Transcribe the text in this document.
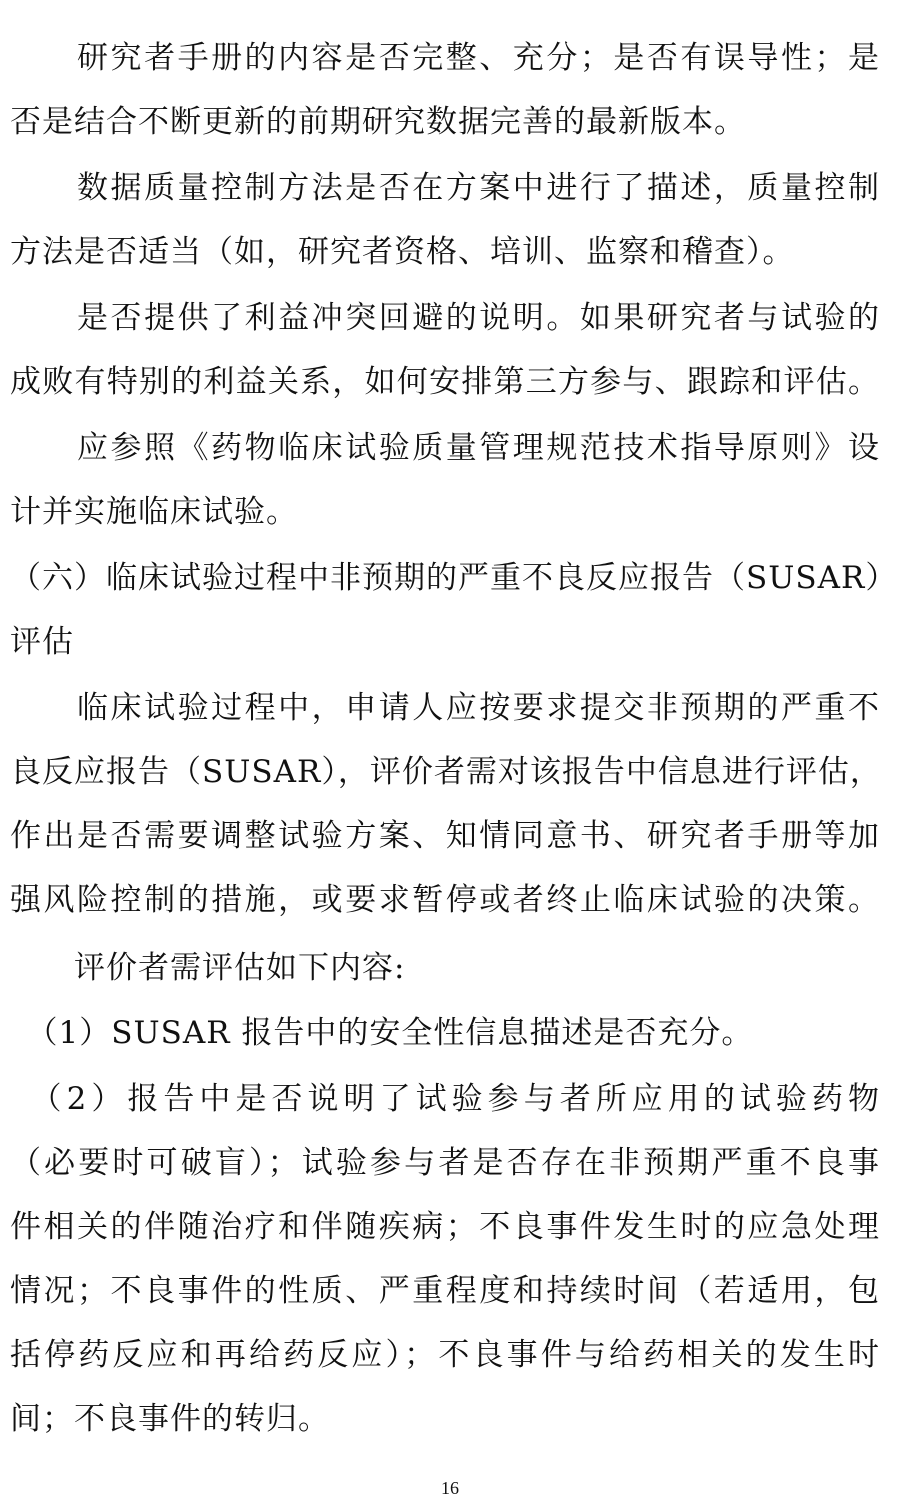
　　研究者手册的内容是否完整、充分；是否有误导性；是
否是结合不断更新的前期研究数据完善的最新版本。
　　数据质量控制方法是否在方案中进行了描述，质量控制
方法是否适当（如，研究者资格、培训、监察和稽查）。
　　是否提供了利益冲突回避的说明。如果研究者与试验的
成败有特别的利益关系，如何安排第三方参与、跟踪和评估。
　　应参照《药物临床试验质量管理规范技术指导原则》设
计并实施临床试验。
（六）临床试验过程中非预期的严重不良反应报告（SUSAR）
评估
　　临床试验过程中，申请人应按要求提交非预期的严重不
良反应报告（SUSAR），评价者需对该报告中信息进行评估，
作出是否需要调整试验方案、知情同意书、研究者手册等加
强风险控制的措施，或要求暂停或者终止临床试验的决策。
　　评价者需评估如下内容:
　（1）SUSAR 报告中的安全性信息描述是否充分。
　（2）报告中是否说明了试验参与者所应用的试验药物
（必要时可破盲）；试验参与者是否存在非预期严重不良事
件相关的伴随治疗和伴随疾病；不良事件发生时的应急处理
情况；不良事件的性质、严重程度和持续时间（若适用，包
括停药反应和再给药反应）；不良事件与给药相关的发生时
间；不良事件的转归。
16
